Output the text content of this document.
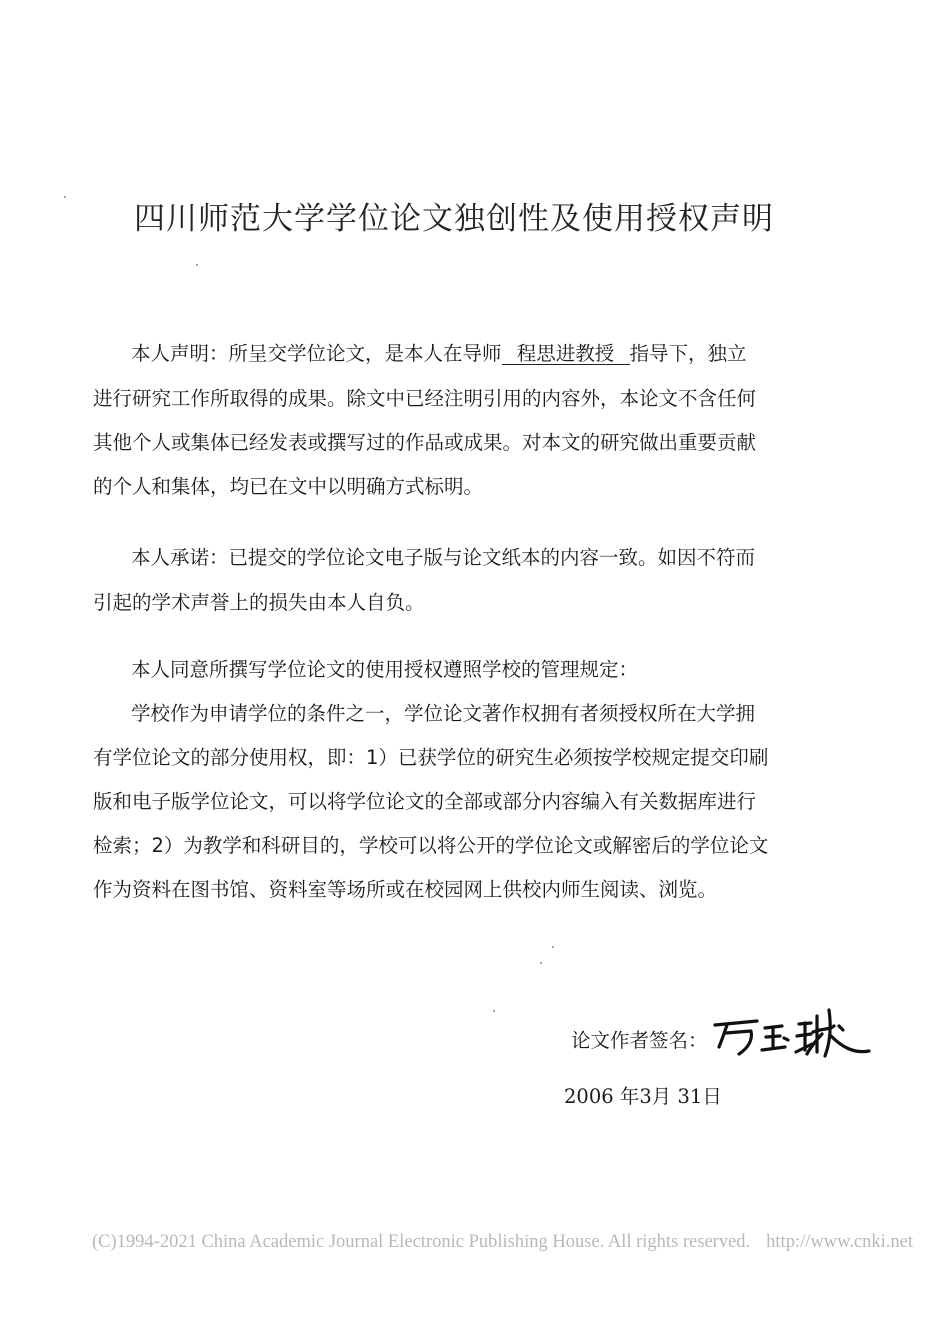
四川师范大学学位论文独创性及使用授权声明
本人声明：所呈交学位论文，是本人在导师 程思进教授 指导下，独立
进行研究工作所取得的成果。除文中已经注明引用的内容外，本论文不含任何
其他个人或集体已经发表或撰写过的作品或成果。对本文的研究做出重要贡献
的个人和集体，均已在文中以明确方式标明。
本人承诺：已提交的学位论文电子版与论文纸本的内容一致。如因不符而
引起的学术声誉上的损失由本人自负。
本人同意所撰写学位论文的使用授权遵照学校的管理规定：
学校作为申请学位的条件之一，学位论文著作权拥有者须授权所在大学拥
有学位论文的部分使用权，即：1）已获学位的研究生必须按学校规定提交印刷
版和电子版学位论文，可以将学位论文的全部或部分内容编入有关数据库进行
检索；2）为教学和科研目的，学校可以将公开的学位论文或解密后的学位论文
作为资料在图书馆、资料室等场所或在校园网上供校内师生阅读、浏览。
论文作者签名：
2006 年3月 31日
(C)1994-2021 China Academic Journal Electronic Publishing House. All rights reserved. http://www.cnki.net
